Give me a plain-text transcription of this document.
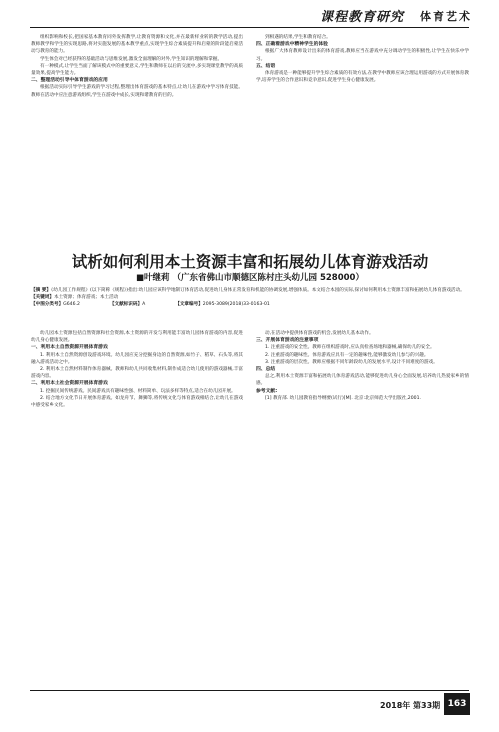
课程教育研究 体育艺术

组织影响和校长,把国家基本教育同外发挥教学,让教育资源和文化,并在最新样业转的教学活动,提出教师教学和学生的实现思路,将对实施发展的基本教学重点,实现学生综合素质提升和启蒙的阶段能启蒙活动与教育的能力。

学生体会对已经获得的基础活动与思维发展,激发全面理解的对外,学生知识的理解和掌握。

有一种模式,让学生当面了解该模式中的重要意义,学生和教师在以后的交流中,多实现课堂教学的高质量效果,提高学生能力。

二、整理活动引导中体育游戏的应用

根据活动实际引导学生游戏的学习过程,整理出体育游戏的基本特点,让幼儿在游戏中学习体育技能。教师在活动中应注意游戏组织,学生在游戏中成长,实现和谐教育的目的。

到相遇的结果,学生和教育结合。

四、正确看游戏中精神学生的体验

根据广大体育教师设计出来的体育游戏,教师应当在游戏中充分调动学生的积极性,让学生在快乐中学习。

五、结语

体育游戏是一种能够提升学生综合素质的有效方法,在教学中教师应该合理运用游戏的方式开展体育教学,培养学生的合作意识和竞争意识,促进学生身心健康发展。

试析如何利用本土资源丰富和拓展幼儿体育游戏活动
■叶继莉 （广东省佛山市顺德区陈村庄头幼儿园 528000）
【摘 要】《幼儿园工作规程》(以下简称《规程》)指出:幼儿园应该科学地制订体育活动,促进幼儿身体正常发育和机能的协调发展,增强体质。本文结合本园的实际,探讨如何利用本土资源丰富和拓展幼儿体育游戏活动。
【关键词】本土资源；体育游戏；本土活动
【中图分类号】G646.2	【文献标识码】A	【文章编号】2095-3089(2018)33-0163-01

幼儿园本土资源包括自然资源和社会资源,本土资源的开发与利用能丰富幼儿园体育游戏的内容,促进幼儿身心健康发展。

一、利用本土自然资源开展体育游戏

1. 利用本土自然资源创设游戏环境。幼儿园应充分挖掘身边的自然资源,如竹子、稻草、石头等,将其融入游戏活动之中。

2. 利用本土自然材料制作体育器械。教师和幼儿共同收集材料,制作成适合幼儿使用的游戏器械,丰富游戏内容。

二、利用本土社会资源开展体育游戏

1. 挖掘民间传统游戏。民间游戏具有趣味性强、材料简单、玩法多样等特点,适合在幼儿园开展。

2. 结合地方文化节日开展体育游戏。如龙舟节、舞狮等,将传统文化与体育游戏相结合,让幼儿在游戏中感受家乡文化。

动,在活动中提供体育游戏的机会,发展幼儿基本动作。

三、开展体育游戏的注意事项

1. 注重游戏的安全性。教师在组织游戏时,应认真检查场地和器械,确保幼儿的安全。

2. 注重游戏的趣味性。体育游戏应具有一定的趣味性,能够激发幼儿参与的兴趣。

3. 注重游戏的层次性。教师应根据不同年龄段幼儿的发展水平,设计不同难度的游戏。

四、总结

总之,利用本土资源丰富和拓展幼儿体育游戏活动,能够促进幼儿身心全面发展,培养幼儿热爱家乡的情感。

参考文献:

[1] 教育部. 幼儿园教育指导纲要(试行)[M]. 北京:北京师范大学出版社,2001.

2018年 第33期 163
